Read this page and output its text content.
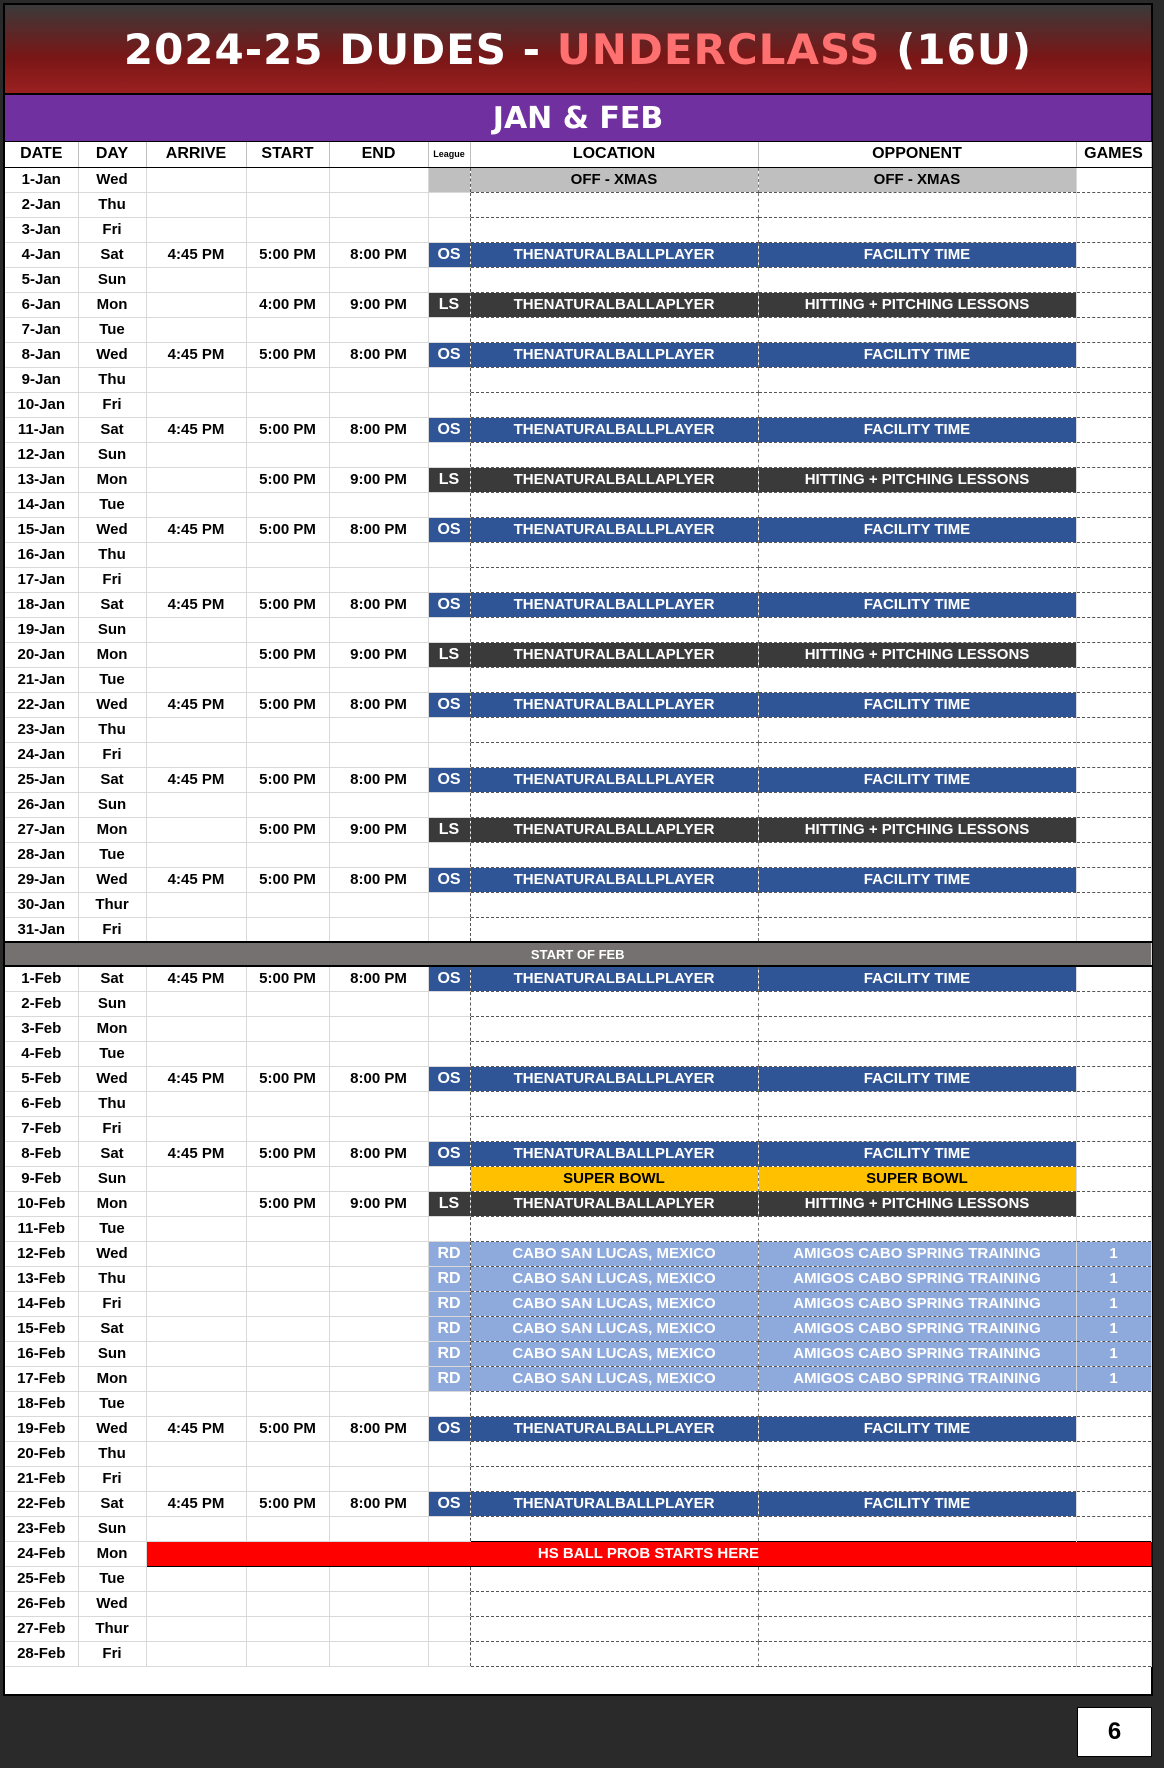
2024-25 DUDES - UNDERCLASS (16U)
JAN & FEB
DATE	DAY	ARRIVE	START	END	League	LOCATION	OPPONENT	GAMES
1-Jan	Wed					OFF - XMAS	OFF - XMAS	
2-Jan	Thu							
3-Jan	Fri							
4-Jan	Sat	4:45 PM	5:00 PM	8:00 PM	OS	THENATURALBALLPLAYER	FACILITY TIME	
5-Jan	Sun							
6-Jan	Mon		4:00 PM	9:00 PM	LS	THENATURALBALLAPLYER	HITTING + PITCHING LESSONS	
7-Jan	Tue							
8-Jan	Wed	4:45 PM	5:00 PM	8:00 PM	OS	THENATURALBALLPLAYER	FACILITY TIME	
9-Jan	Thu							
10-Jan	Fri							
11-Jan	Sat	4:45 PM	5:00 PM	8:00 PM	OS	THENATURALBALLPLAYER	FACILITY TIME	
12-Jan	Sun							
13-Jan	Mon		5:00 PM	9:00 PM	LS	THENATURALBALLAPLYER	HITTING + PITCHING LESSONS	
14-Jan	Tue							
15-Jan	Wed	4:45 PM	5:00 PM	8:00 PM	OS	THENATURALBALLPLAYER	FACILITY TIME	
16-Jan	Thu							
17-Jan	Fri							
18-Jan	Sat	4:45 PM	5:00 PM	8:00 PM	OS	THENATURALBALLPLAYER	FACILITY TIME	
19-Jan	Sun							
20-Jan	Mon		5:00 PM	9:00 PM	LS	THENATURALBALLAPLYER	HITTING + PITCHING LESSONS	
21-Jan	Tue							
22-Jan	Wed	4:45 PM	5:00 PM	8:00 PM	OS	THENATURALBALLPLAYER	FACILITY TIME	
23-Jan	Thu							
24-Jan	Fri							
25-Jan	Sat	4:45 PM	5:00 PM	8:00 PM	OS	THENATURALBALLPLAYER	FACILITY TIME	
26-Jan	Sun							
27-Jan	Mon		5:00 PM	9:00 PM	LS	THENATURALBALLAPLYER	HITTING + PITCHING LESSONS	
28-Jan	Tue							
29-Jan	Wed	4:45 PM	5:00 PM	8:00 PM	OS	THENATURALBALLPLAYER	FACILITY TIME	
30-Jan	Thur							
31-Jan	Fri							
START OF FEB								
1-Feb	Sat	4:45 PM	5:00 PM	8:00 PM	OS	THENATURALBALLPLAYER	FACILITY TIME	
2-Feb	Sun							
3-Feb	Mon							
4-Feb	Tue							
5-Feb	Wed	4:45 PM	5:00 PM	8:00 PM	OS	THENATURALBALLPLAYER	FACILITY TIME	
6-Feb	Thu							
7-Feb	Fri							
8-Feb	Sat	4:45 PM	5:00 PM	8:00 PM	OS	THENATURALBALLPLAYER	FACILITY TIME	
9-Feb	Sun					SUPER BOWL	SUPER BOWL	
10-Feb	Mon		5:00 PM	9:00 PM	LS	THENATURALBALLAPLYER	HITTING + PITCHING LESSONS	
11-Feb	Tue							
12-Feb	Wed				RD	CABO SAN LUCAS, MEXICO	AMIGOS CABO SPRING TRAINING	1
13-Feb	Thu				RD	CABO SAN LUCAS, MEXICO	AMIGOS CABO SPRING TRAINING	1
14-Feb	Fri				RD	CABO SAN LUCAS, MEXICO	AMIGOS CABO SPRING TRAINING	1
15-Feb	Sat				RD	CABO SAN LUCAS, MEXICO	AMIGOS CABO SPRING TRAINING	1
16-Feb	Sun				RD	CABO SAN LUCAS, MEXICO	AMIGOS CABO SPRING TRAINING	1
17-Feb	Mon				RD	CABO SAN LUCAS, MEXICO	AMIGOS CABO SPRING TRAINING	1
18-Feb	Tue							
19-Feb	Wed	4:45 PM	5:00 PM	8:00 PM	OS	THENATURALBALLPLAYER	FACILITY TIME	
20-Feb	Thu							
21-Feb	Fri							
22-Feb	Sat	4:45 PM	5:00 PM	8:00 PM	OS	THENATURALBALLPLAYER	FACILITY TIME	
23-Feb	Sun							
24-Feb	Mon	HS BALL PROB STARTS HERE						
25-Feb	Tue							
26-Feb	Wed							
27-Feb	Thur							
28-Feb	Fri							
6
